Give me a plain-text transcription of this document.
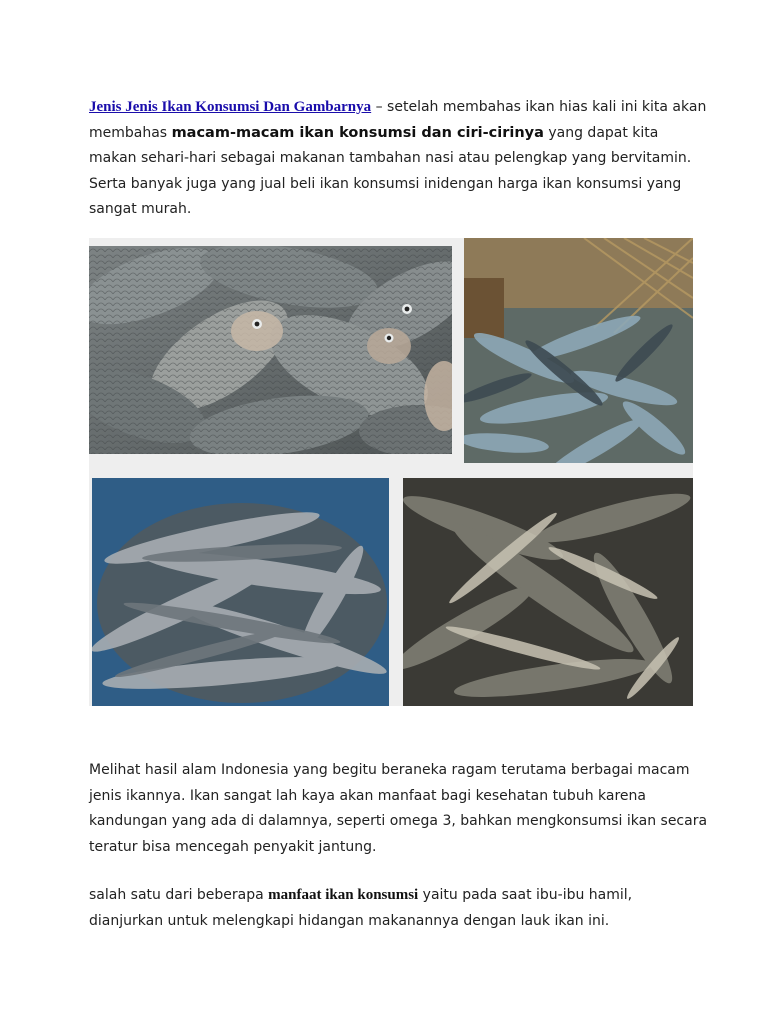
Jenis Jenis Ikan Konsumsi Dan Gambarnya – setelah membahas ikan hias kali ini kita akan membahas macam-macam ikan konsumsi dan ciri-cirinya yang dapat kita makan sehari-hari sebagai makanan tambahan nasi atau pelengkap yang bervitamin. Serta banyak juga yang jual beli ikan konsumsi inidengan harga ikan konsumsi yang sangat murah.

Melihat hasil alam Indonesia yang begitu beraneka ragam terutama berbagai macam jenis ikannya. Ikan sangat lah kaya akan manfaat bagi kesehatan tubuh karena kandungan yang ada di dalamnya, seperti omega 3, bahkan mengkonsumsi ikan secara teratur bisa mencegah penyakit jantung.

salah satu dari beberapa manfaat ikan konsumsi yaitu pada saat ibu-ibu hamil, dianjurkan untuk melengkapi hidangan makanannya dengan lauk ikan ini.
